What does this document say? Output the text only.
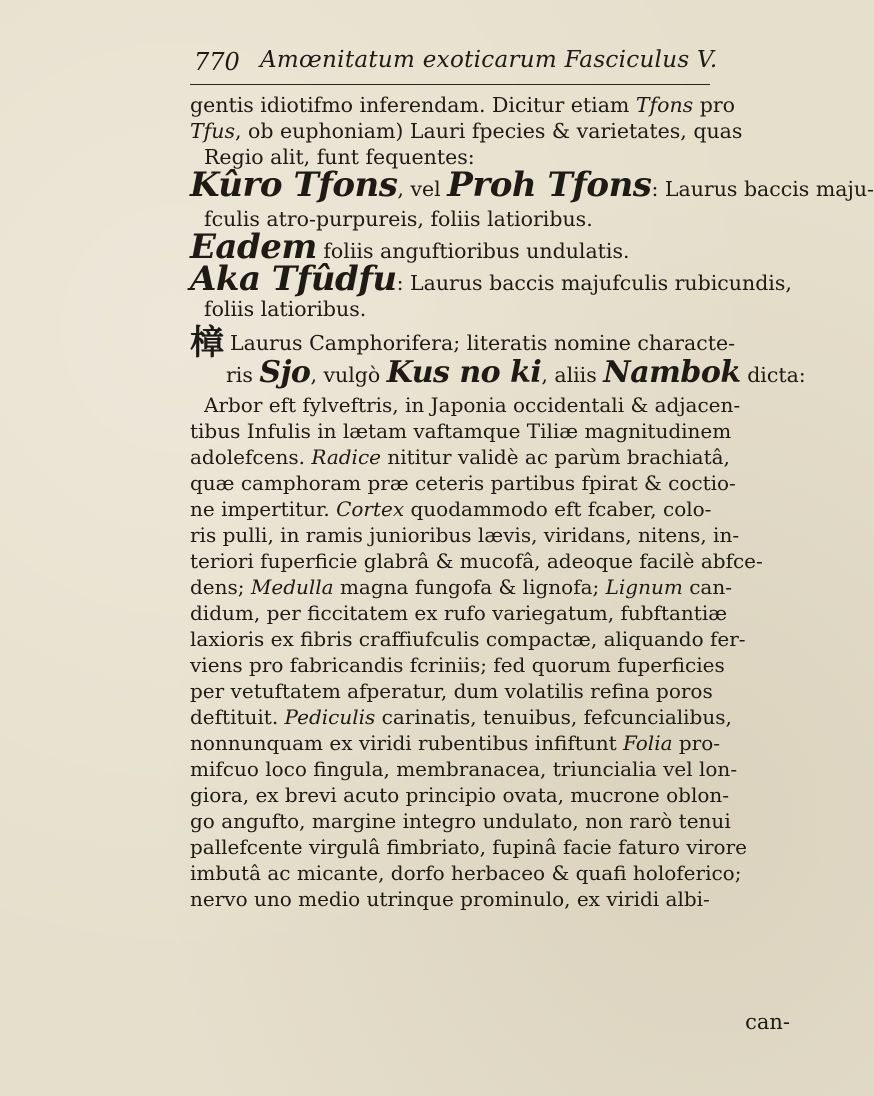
770 Amœnitatum exoticarum Fasciculus V.
gentis idiotifmo inferendam. Dicitur etiam Tfons pro
Tfus, ob euphoniam) Lauri fpecies & varietates, quas
Regio alit, funt fequentes:
Kûro Tfons, vel Proh Tfons: Laurus baccis maju-
fculis atro-purpureis, foliis latioribus.
Eadem foliis anguftioribus undulatis.
Aka Tfûdfu: Laurus baccis majufculis rubicundis,
foliis latioribus.
樟 Laurus Camphorifera; literatis nomine characte-
ris Sjo, vulgò Kus no ki, aliis Nambok dicta:
Arbor eft fylveftris, in Japonia occidentali & adjacen-
tibus Infulis in lætam vaftamque Tiliæ magnitudinem
adolefcens. Radice nititur validè ac parùm brachiatâ,
quæ camphoram præ ceteris partibus fpirat & coctio-
ne impertitur. Cortex quodammodo eft fcaber, colo-
ris pulli, in ramis junioribus lævis, viridans, nitens, in-
teriori fuperficie glabrâ & mucofâ, adeoque facilè abfce-
dens; Medulla magna fungofa & lignofa; Lignum can-
didum, per ficcitatem ex rufo variegatum, fubftantiæ
laxioris ex fibris craffiufculis compactæ, aliquando fer-
viens pro fabricandis fcriniis; fed quorum fuperficies
per vetuftatem afperatur, dum volatilis refina poros
deftituit. Pediculis carinatis, tenuibus, fefcuncialibus,
nonnunquam ex viridi rubentibus infiftunt Folia pro-
mifcuo loco fingula, membranacea, triuncialia vel lon-
giora, ex brevi acuto principio ovata, mucrone oblon-
go angufto, margine integro undulato, non rarò tenui
pallefcente virgulâ fimbriato, fupinâ facie faturo virore
imbutâ ac micante, dorfo herbaceo & quafi holoferico;
nervo uno medio utrinque prominulo, ex viridi albi-
can-
